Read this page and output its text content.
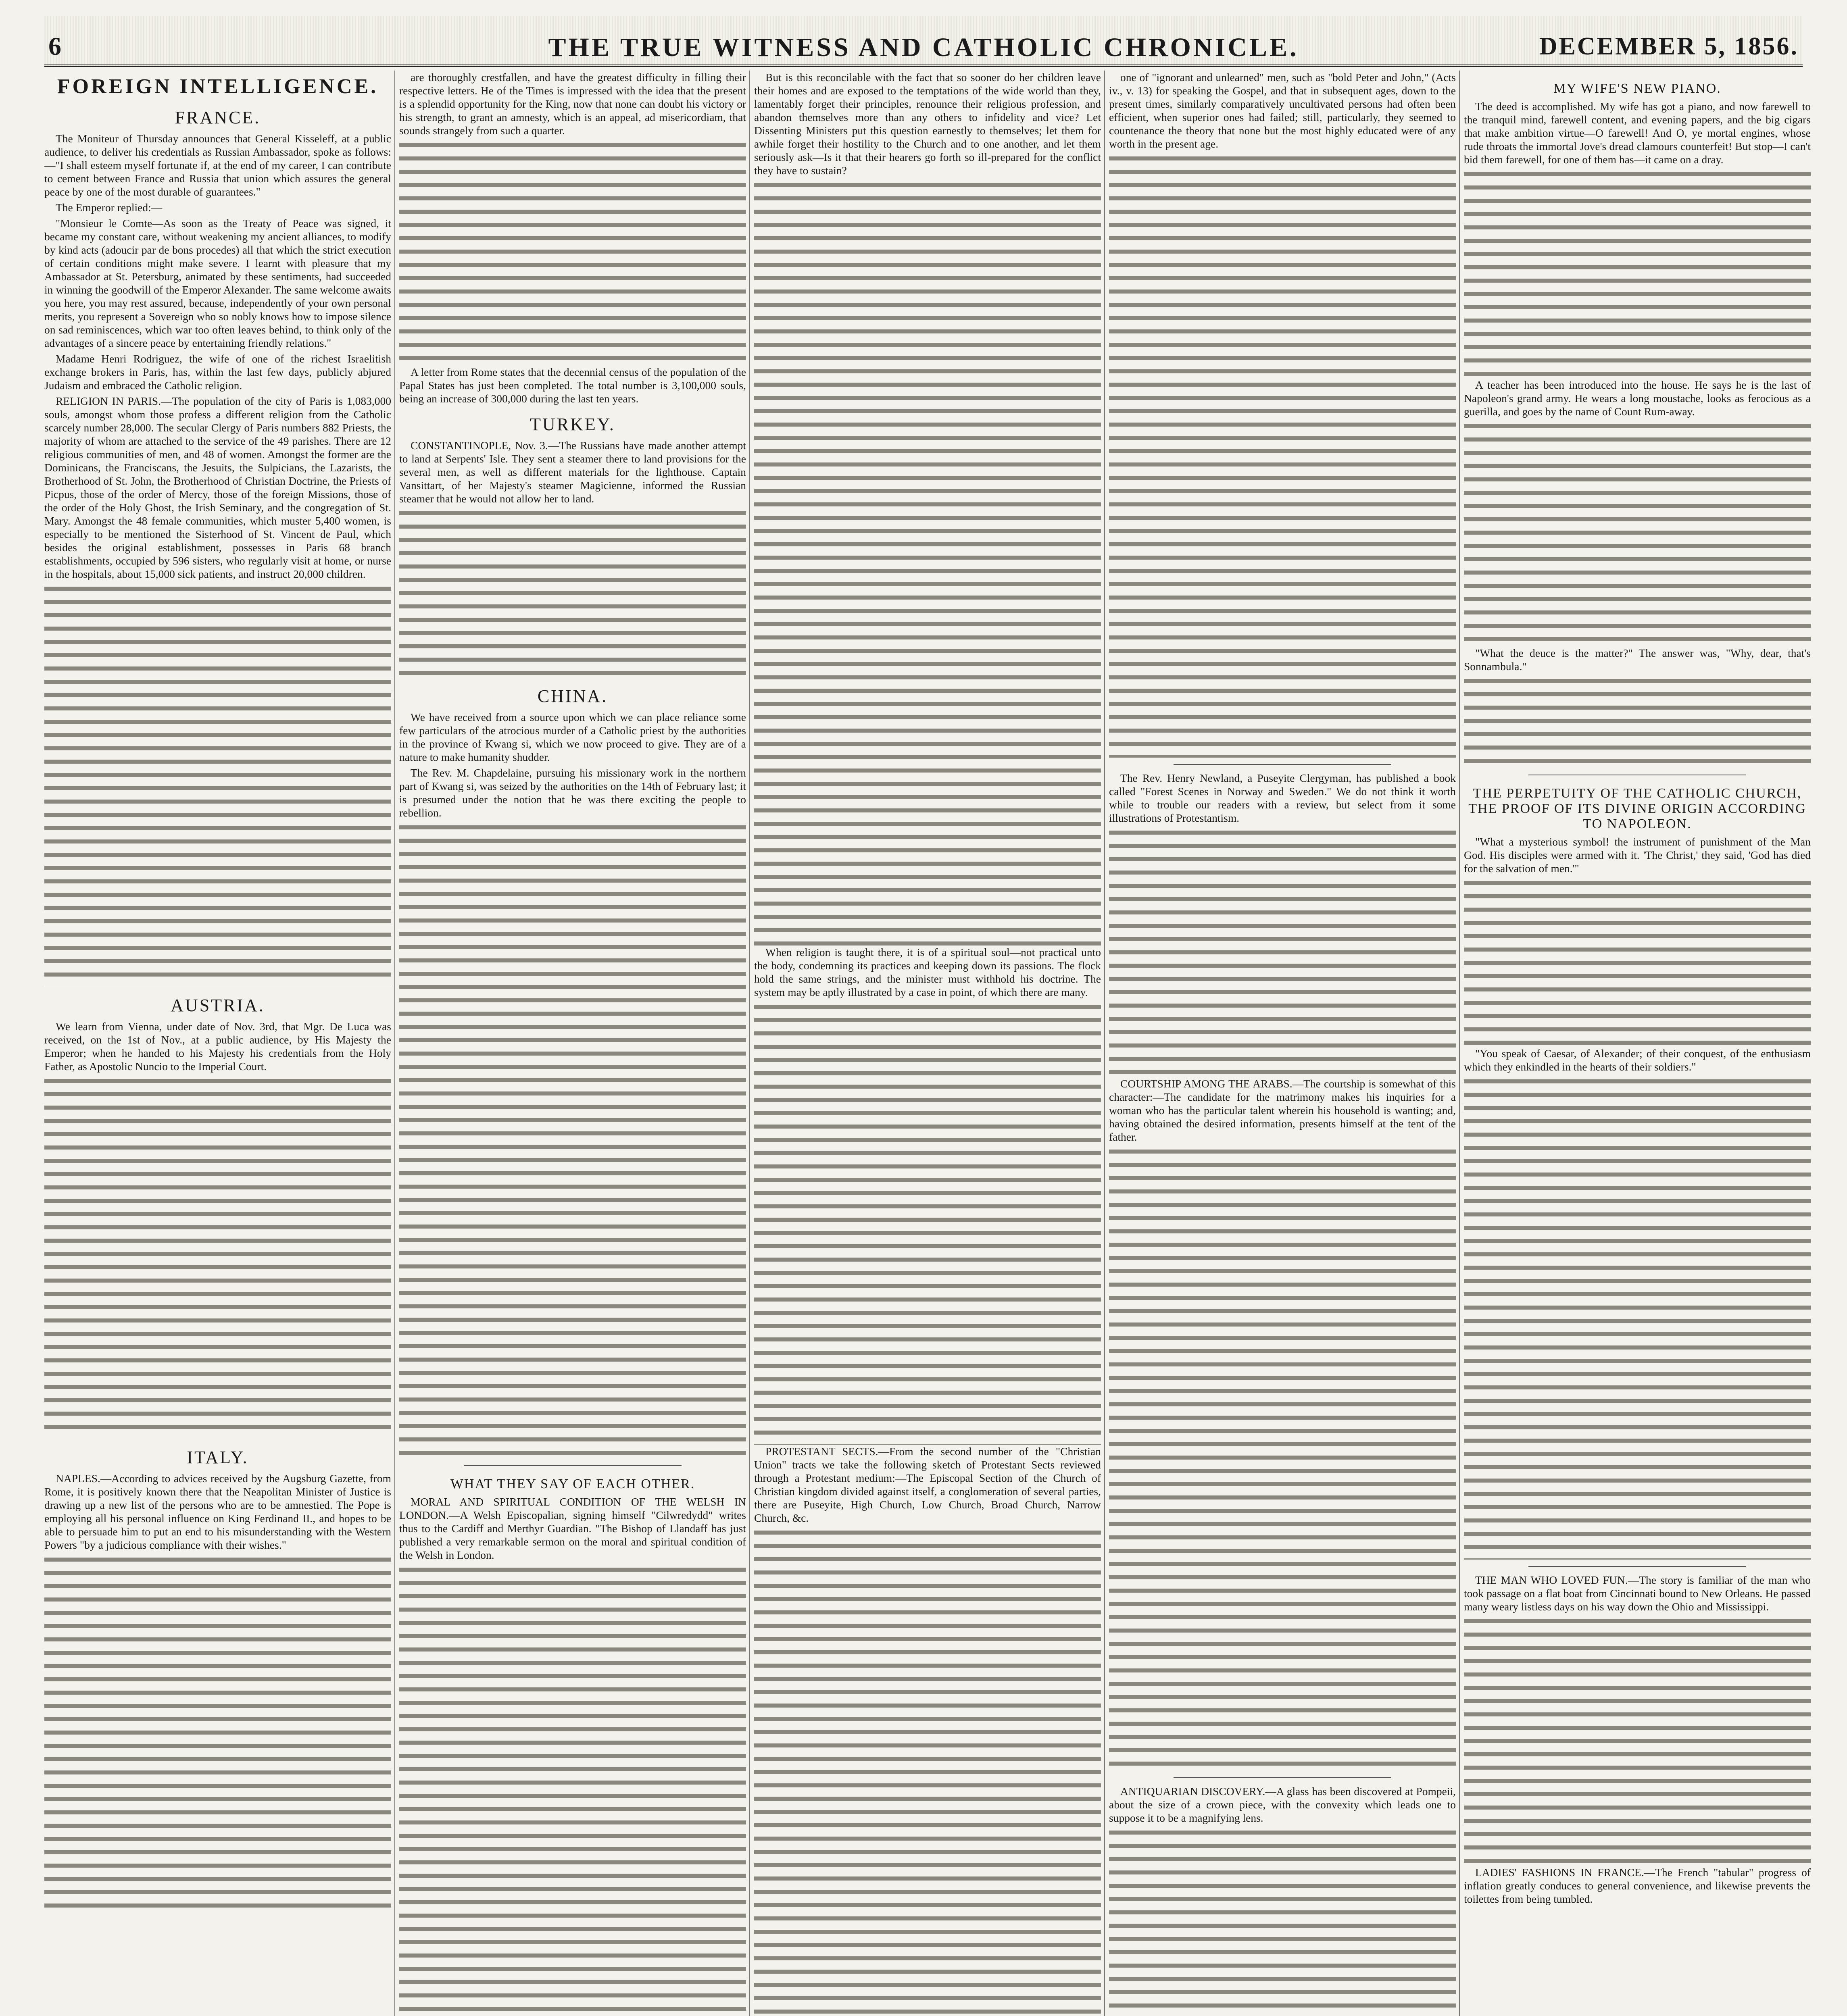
6	THE TRUE WITNESS AND CATHOLIC CHRONICLE.	DECEMBER 5, 1856.
FOREIGN INTELLIGENCE.
FRANCE.

The Moniteur of Thursday announces that General Kisseleff, at a public audience, to deliver his credentials as Russian Ambassador, spoke as follows:—"I shall esteem myself fortunate if, at the end of my career, I can contribute to cement between France and Russia that union which assures the general peace by one of the most durable of guarantees."

The Emperor replied:—

"Monsieur le Comte—As soon as the Treaty of Peace was signed, it became my constant care, without weakening my ancient alliances, to modify by kind acts (adoucir par de bons procedes) all that which the strict execution of certain conditions might make severe. I learnt with pleasure that my Ambassador at St. Petersburg, animated by these sentiments, had succeeded in winning the goodwill of the Emperor Alexander. The same welcome awaits you here, you may rest assured, because, independently of your own personal merits, you represent a Sovereign who so nobly knows how to impose silence on sad reminiscences, which war too often leaves behind, to think only of the advantages of a sincere peace by entertaining friendly relations."

Madame Henri Rodriguez, the wife of one of the richest Israelitish exchange brokers in Paris, has, within the last few days, publicly abjured Judaism and embraced the Catholic religion.

RELIGION IN PARIS.—The population of the city of Paris is 1,083,000 souls, amongst whom those profess a different religion from the Catholic scarcely number 28,000. The secular Clergy of Paris numbers 882 Priests, the majority of whom are attached to the service of the 49 parishes. There are 12 religious communities of men, and 48 of women. Amongst the former are the Dominicans, the Franciscans, the Jesuits, the Sulpicians, the Lazarists, the Brotherhood of St. John, the Brotherhood of Christian Doctrine, the Priests of Picpus, those of the order of Mercy, those of the foreign Missions, those of the order of the Holy Ghost, the Irish Seminary, and the congregation of St. Mary. Amongst the 48 female communities, which muster 5,400 women, is especially to be mentioned the Sisterhood of St. Vincent de Paul, which besides the original establishment, possesses in Paris 68 branch establishments, occupied by 596 sisters, who regularly visit at home, or nurse in the hospitals, about 15,000 sick patients, and instruct 20,000 children.

AUSTRIA.

We learn from Vienna, under date of Nov. 3rd, that Mgr. De Luca was received, on the 1st of Nov., at a public audience, by His Majesty the Emperor; when he handed to his Majesty his credentials from the Holy Father, as Apostolic Nuncio to the Imperial Court.

ITALY.

NAPLES.—According to advices received by the Augsburg Gazette, from Rome, it is positively known there that the Neapolitan Minister of Justice is drawing up a new list of the persons who are to be amnestied. The Pope is employing all his personal influence on King Ferdinand II., and hopes to be able to persuade him to put an end to his misunderstanding with the Western Powers "by a judicious compliance with their wishes."

are thoroughly crestfallen, and have the greatest difficulty in filling their respective letters. He of the Times is impressed with the idea that the present is a splendid opportunity for the King, now that none can doubt his victory or his strength, to grant an amnesty, which is an appeal, ad misericordiam, that sounds strangely from such a quarter.

A letter from Rome states that the decennial census of the population of the Papal States has just been completed. The total number is 3,100,000 souls, being an increase of 300,000 during the last ten years.

TURKEY.

CONSTANTINOPLE, Nov. 3.—The Russians have made another attempt to land at Serpents' Isle. They sent a steamer there to land provisions for the several men, as well as different materials for the lighthouse. Captain Vansittart, of her Majesty's steamer Magicienne, informed the Russian steamer that he would not allow her to land.

CHINA.

We have received from a source upon which we can place reliance some few particulars of the atrocious murder of a Catholic priest by the authorities in the province of Kwang si, which we now proceed to give. They are of a nature to make humanity shudder.

The Rev. M. Chapdelaine, pursuing his missionary work in the northern part of Kwang si, was seized by the authorities on the 14th of February last; it is presumed under the notion that he was there exciting the people to rebellion.

WHAT THEY SAY OF EACH OTHER.

MORAL AND SPIRITUAL CONDITION OF THE WELSH IN LONDON.—A Welsh Episcopalian, signing himself "Cilwredydd" writes thus to the Cardiff and Merthyr Guardian. "The Bishop of Llandaff has just published a very remarkable sermon on the moral and spiritual condition of the Welsh in London.

But is this reconcilable with the fact that so sooner do her children leave their homes and are exposed to the temptations of the wide world than they, lamentably forget their principles, renounce their religious profession, and abandon themselves more than any others to infidelity and vice? Let Dissenting Ministers put this question earnestly to themselves; let them for awhile forget their hostility to the Church and to one another, and let them seriously ask—Is it that their hearers go forth so ill-prepared for the conflict they have to sustain?

When religion is taught there, it is of a spiritual soul—not practical unto the body, condemning its practices and keeping down its passions. The flock hold the same strings, and the minister must withhold his doctrine. The system may be aptly illustrated by a case in point, of which there are many.

PROTESTANT SECTS.—From the second number of the "Christian Union" tracts we take the following sketch of Protestant Sects reviewed through a Protestant medium:—The Episcopal Section of the Church of Christian kingdom divided against itself, a conglomeration of several parties, there are Puseyite, High Church, Low Church, Broad Church, Narrow Church, &c.

one of "ignorant and unlearned" men, such as "bold Peter and John," (Acts iv., v. 13) for speaking the Gospel, and that in subsequent ages, down to the present times, similarly comparatively uncultivated persons had often been efficient, when superior ones had failed; still, particularly, they seemed to countenance the theory that none but the most highly educated were of any worth in the present age.

The Rev. Henry Newland, a Puseyite Clergyman, has published a book called "Forest Scenes in Norway and Sweden." We do not think it worth while to trouble our readers with a review, but select from it some illustrations of Protestantism.

COURTSHIP AMONG THE ARABS.—The courtship is somewhat of this character:—The candidate for the matrimony makes his inquiries for a woman who has the particular talent wherein his household is wanting; and, having obtained the desired information, presents himself at the tent of the father.

ANTIQUARIAN DISCOVERY.—A glass has been discovered at Pompeii, about the size of a crown piece, with the convexity which leads one to suppose it to be a magnifying lens.

MY WIFE'S NEW PIANO.

The deed is accomplished. My wife has got a piano, and now farewell to the tranquil mind, farewell content, and evening papers, and the big cigars that make ambition virtue—O farewell! And O, ye mortal engines, whose rude throats the immortal Jove's dread clamours counterfeit! But stop—I can't bid them farewell, for one of them has—it came on a dray.

A teacher has been introduced into the house. He says he is the last of Napoleon's grand army. He wears a long moustache, looks as ferocious as a guerilla, and goes by the name of Count Rum-away.

"What the deuce is the matter?" The answer was, "Why, dear, that's Sonnambula."

THE PERPETUITY OF THE CATHOLIC CHURCH, THE PROOF OF ITS DIVINE ORIGIN ACCORDING TO NAPOLEON.

"What a mysterious symbol! the instrument of punishment of the Man God. His disciples were armed with it. 'The Christ,' they said, 'God has died for the salvation of men.'"

"You speak of Caesar, of Alexander; of their conquest, of the enthusiasm which they enkindled in the hearts of their soldiers."

THE MAN WHO LOVED FUN.—The story is familiar of the man who took passage on a flat boat from Cincinnati bound to New Orleans. He passed many weary listless days on his way down the Ohio and Mississippi.

LADIES' FASHIONS IN FRANCE.—The French "tabular" progress of inflation greatly conduces to general convenience, and likewise prevents the toilettes from being tumbled.
